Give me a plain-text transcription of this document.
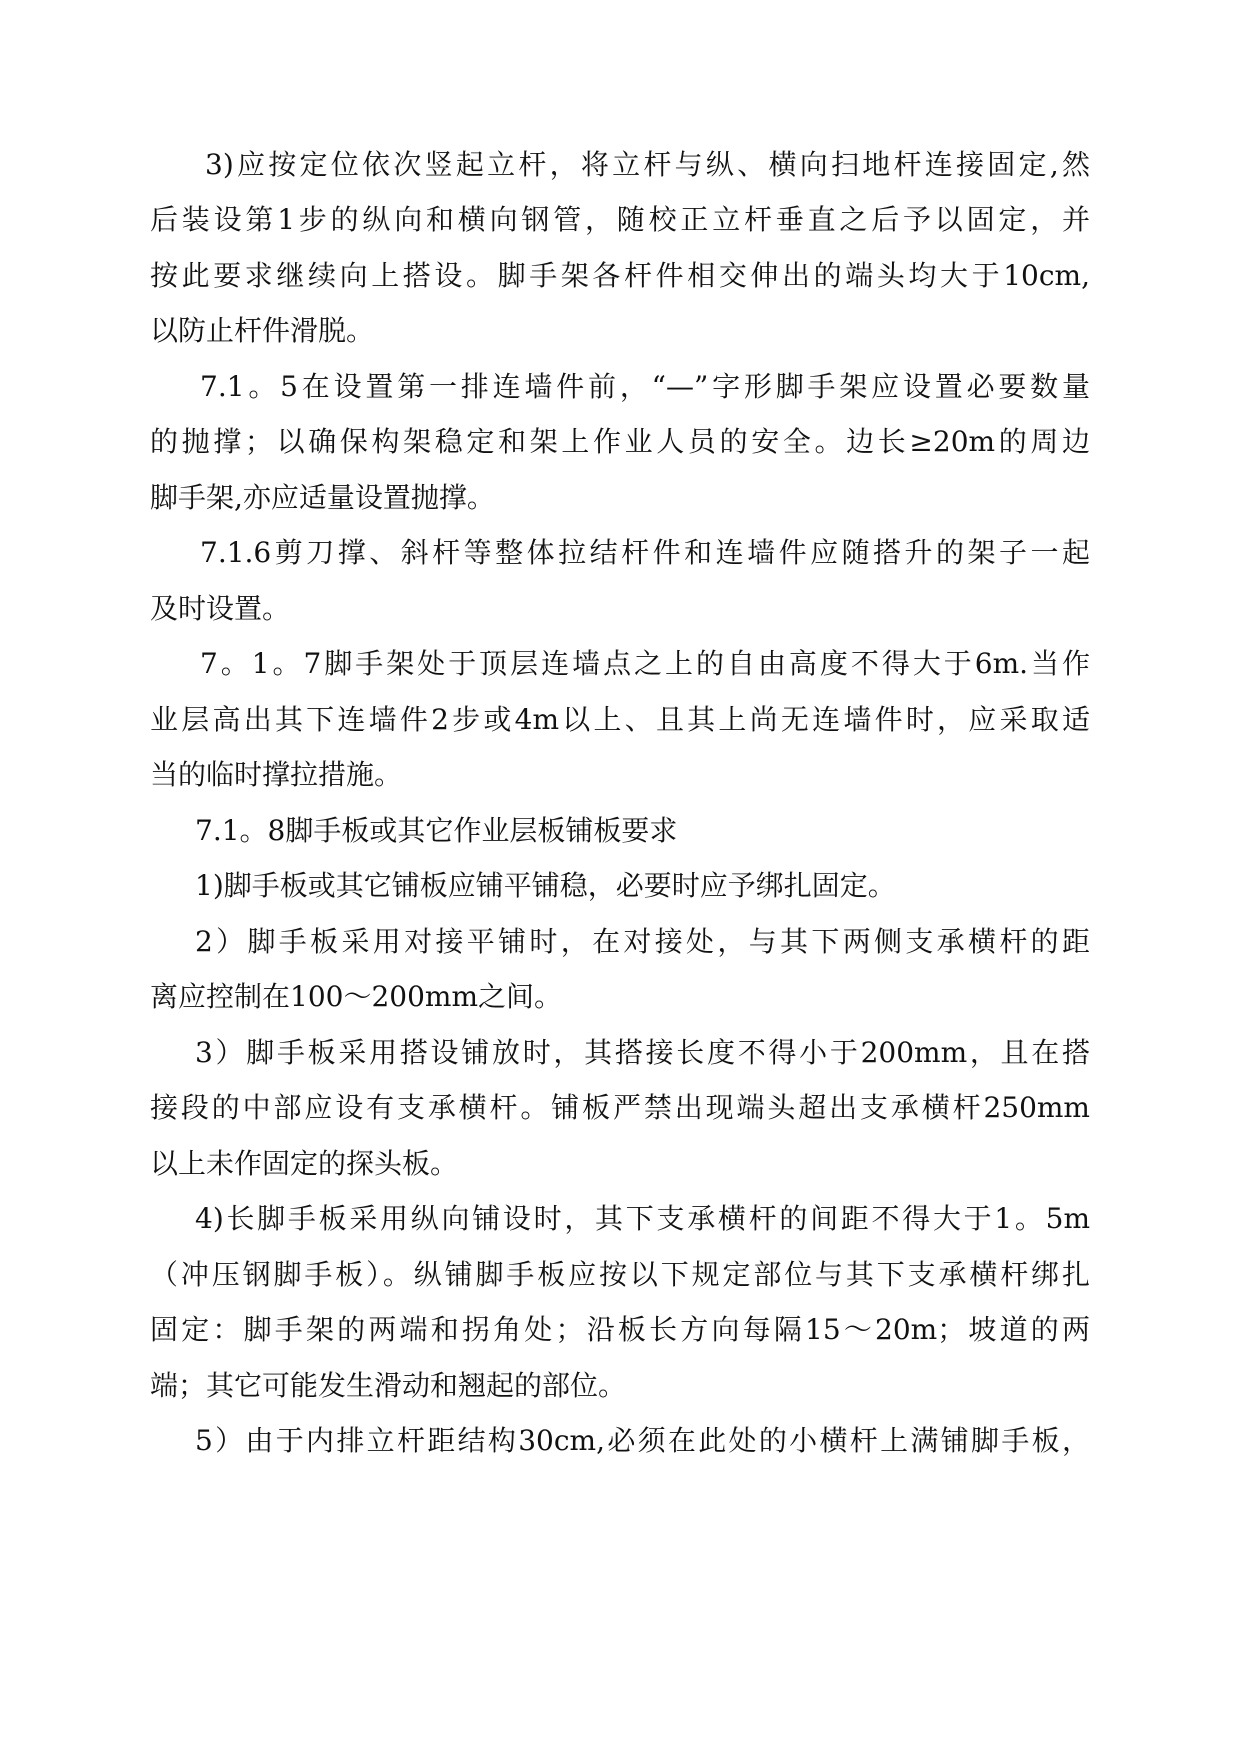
3)应按定位依次竖起立杆，将立杆与纵、横向扫地杆连接固定,然
后装设第1步的纵向和横向钢管，随校正立杆垂直之后予以固定，并
按此要求继续向上搭设。脚手架各杆件相交伸出的端头均大于10cm,
以防止杆件滑脱。
7.1。5在设置第一排连墙件前，“—”字形脚手架应设置必要数量
的抛撑；以确保构架稳定和架上作业人员的安全。边长≥20m的周边
脚手架,亦应适量设置抛撑。
7.1.6剪刀撑、斜杆等整体拉结杆件和连墙件应随搭升的架子一起
及时设置。
7。1。7脚手架处于顶层连墙点之上的自由高度不得大于6m.当作
业层高出其下连墙件2步或4m以上、且其上尚无连墙件时，应采取适
当的临时撑拉措施。
7.1。8脚手板或其它作业层板铺板要求
1)脚手板或其它铺板应铺平铺稳，必要时应予绑扎固定。
2）脚手板采用对接平铺时，在对接处，与其下两侧支承横杆的距
离应控制在100～200mm之间。
3）脚手板采用搭设铺放时，其搭接长度不得小于200mm，且在搭
接段的中部应设有支承横杆。铺板严禁出现端头超出支承横杆250mm
以上未作固定的探头板。
4)长脚手板采用纵向铺设时，其下支承横杆的间距不得大于1。5m
（冲压钢脚手板）。纵铺脚手板应按以下规定部位与其下支承横杆绑扎
固定：脚手架的两端和拐角处；沿板长方向每隔15～20m；坡道的两
端；其它可能发生滑动和翘起的部位。
5）由于内排立杆距结构30cm,必须在此处的小横杆上满铺脚手板，
